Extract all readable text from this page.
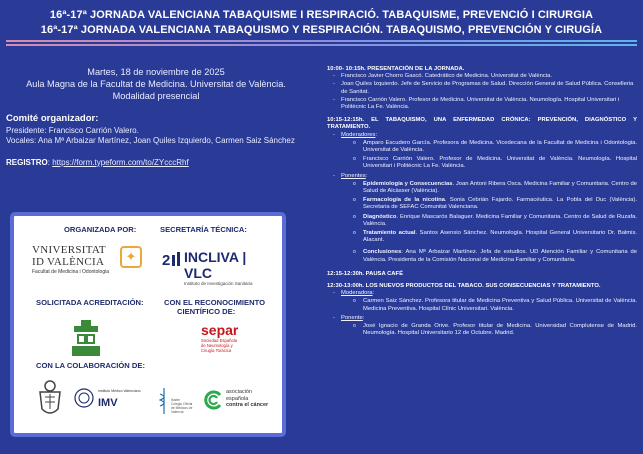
16ª-17ª JORNADA VALENCIANA TABAQUISME I RESPIRACIÓ. TABAQUISME, PREVENCIÓ I CIRURGIA
16ª-17ª JORNADA VALENCIANA TABAQUISMO Y RESPIRACIÓN. TABAQUISMO, PREVENCIÓN Y CIRUGÍA
Martes, 18 de noviembre de 2025
Aula Magna de la Facultat de Medicina. Universitat de València.
Modalidad presencial
Comité organizador:
Presidente: Francisco Carrión Valero.
Vocales: Ana Mª Arbaizar Martínez, Joan Quiles Izquierdo, Carmen Saiz Sánchez
REGISTRO: https://form.typeform.com/to/ZYcccRhf
ORGANIZADA POR:	SECRETARÍA TÉCNICA:
VNIVERSITAT
ID VALÈNCIA
Facultat de Medicina i Odontologia
✦	2 INCLIVA | VLC
Instituto de Investigación Sanitaria
SOLICITADA ACREDITACIÓN:	CON EL RECONOCIMIENTO
CIENTÍFICO DE:
separ
Sociedad Española
de Neumología y
Cirugía Torácica
CON LA COLABORACIÓN DE:
Instituto Médico Valenciano
IMV	Ilustre
Colegio Oficial
de Médicos de
Valencia
asociación
española
contra el cáncer
10:00- 10:15h. PRESENTACIÓN DE LA JORNADA.
- Francisco Javier Chorro Gascó. Catedrático de Medicina. Universitat de València.
- Joan Quiles Izquierdo. Jefe de Servicio de Programas de Salud. Dirección General de Salud Pública. Conselleria de Sanitat.
- Francisco Carrión Valero. Profesor de Medicina. Universitat de València. Neumología. Hospital Universitari i Politècnic La Fe. València.
10:15-12:15h. EL TABAQUISMO, UNA ENFERMEDAD CRÓNICA: PREVENCIÓN, DIAGNÓSTICO Y TRATAMIENTO.
- Moderadores:
o Amparo Escudero García. Profesora de Medicina. Vicedecana de la Facultat de Medicina i Odontologia. Universitat de València.
o Francisco Carrión Valero. Profesor de Medicina. Universitat de València. Neumología. Hospital Universitari i Politècnic La Fe. València.
- Ponentes:
o Epidemiología y Consecuencias. Joan Antoni Ribera Osca. Medicina Familiar y Comunitaria. Centro de Salud de Alcàsser (València).
o Farmacología de la nicotina. Sonia Cebrián Fajardo. Farmacéutica. La Pobla del Duc (València). Secretaria de SEFAC Comunitat Valenciana.
o Diagnóstico. Enrique Mascarós Balaguer. Medicina Familiar y Comunitaria. Centro de Salud de Ruzafa. València.
o Tratamiento actual. Santos Asensio Sánchez. Neumología. Hospital General Universitario Dr. Balmis. Alacant.
o Conclusiones: Ana Mª Arbaizar Martínez. Jefa de estudios. UD Atención Familiar y Comunitaria de València. Presidenta de la Comisión Nacional de Medicina Familiar y Comunitaria.
12:15-12:30h. PAUSA CAFÉ
12:30-13:00h. LOS NUEVOS PRODUCTOS DEL TABACO. SUS CONSECUENCIAS Y TRATAMIENTO.
- Moderadora:
o Carmen Saiz Sánchez. Profesora titular de Medicina Preventiva y Salud Pública. Universitat de València. Medicina Preventiva. Hospital Clínic Universitari. València.
- Ponente:
o José Ignacio de Granda Orive. Profesor titular de Medicina. Universidad Complutense de Madrid. Neumología. Hospital Universitario 12 de Octubre. Madrid.
